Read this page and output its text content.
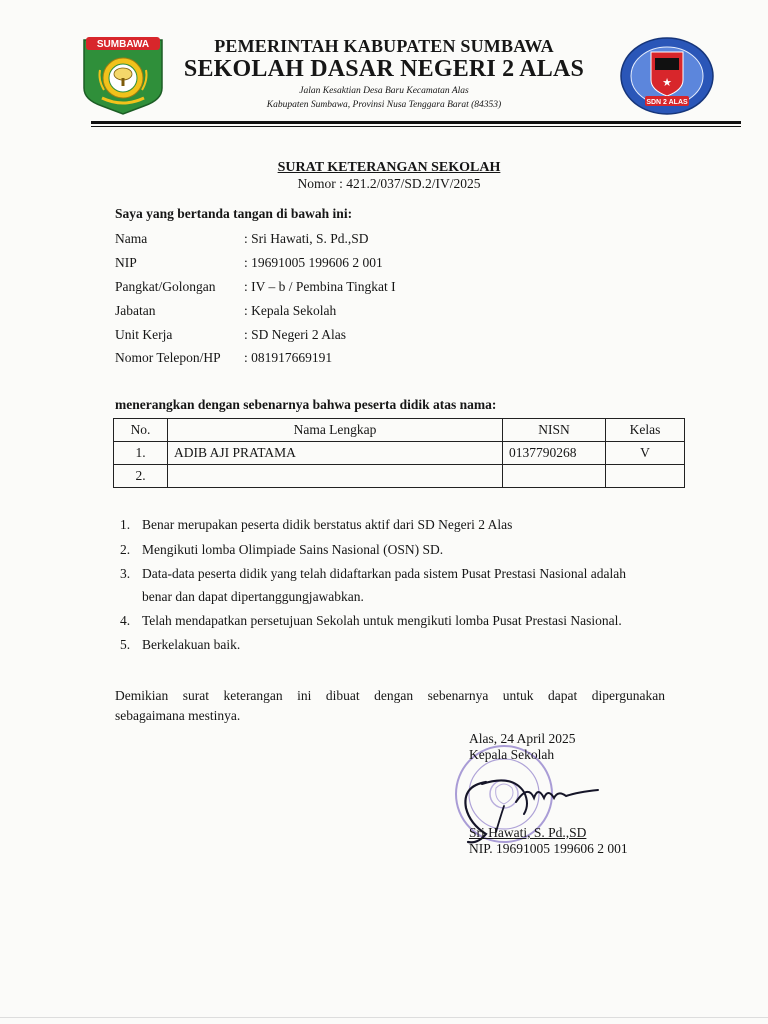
SUMBAWA
★
SDN 2 ALAS
PEMERINTAH KABUPATEN SUMBAWA
SEKOLAH DASAR NEGERI 2 ALAS
Jalan Kesaktian Desa Baru Kecamatan Alas
Kabupaten Sumbawa, Provinsi Nusa Tenggara Barat (84353)
SURAT KETERANGAN SEKOLAH
Nomor : 421.2/037/SD.2/IV/2025
Saya yang bertanda tangan di bawah ini:
Nama	: Sri Hawati, S. Pd.,SD
NIP	: 19691005 199606 2 001
Pangkat/Golongan : IV – b / Pembina Tingkat I
Jabatan	: Kepala Sekolah
Unit Kerja	: SD Negeri 2 Alas
Nomor Telepon/HP : 081917669191
menerangkan dengan sebenarnya bahwa peserta didik atas nama:
No.	Nama Lengkap	NISN	Kelas
1.	ADIB AJI PRATAMA	0137790268	V
2.			
1. Benar merupakan peserta didik berstatus aktif dari SD Negeri 2 Alas
2. Mengikuti lomba Olimpiade Sains Nasional (OSN) SD.
3. Data-data peserta didik yang telah didaftarkan pada sistem Pusat Prestasi Nasional adalah
benar dan dapat dipertanggungjawabkan.
4. Telah mendapatkan persetujuan Sekolah untuk mengikuti lomba Pusat Prestasi Nasional.
5. Berkelakuan baik.
Demikian surat keterangan ini dibuat dengan sebenarnya untuk dapat dipergunakan
sebagaimana mestinya.
Alas, 24 April 2025
Kepala Sekolah
Sri Hawati, S. Pd.,SD
NIP. 19691005 199606 2 001
